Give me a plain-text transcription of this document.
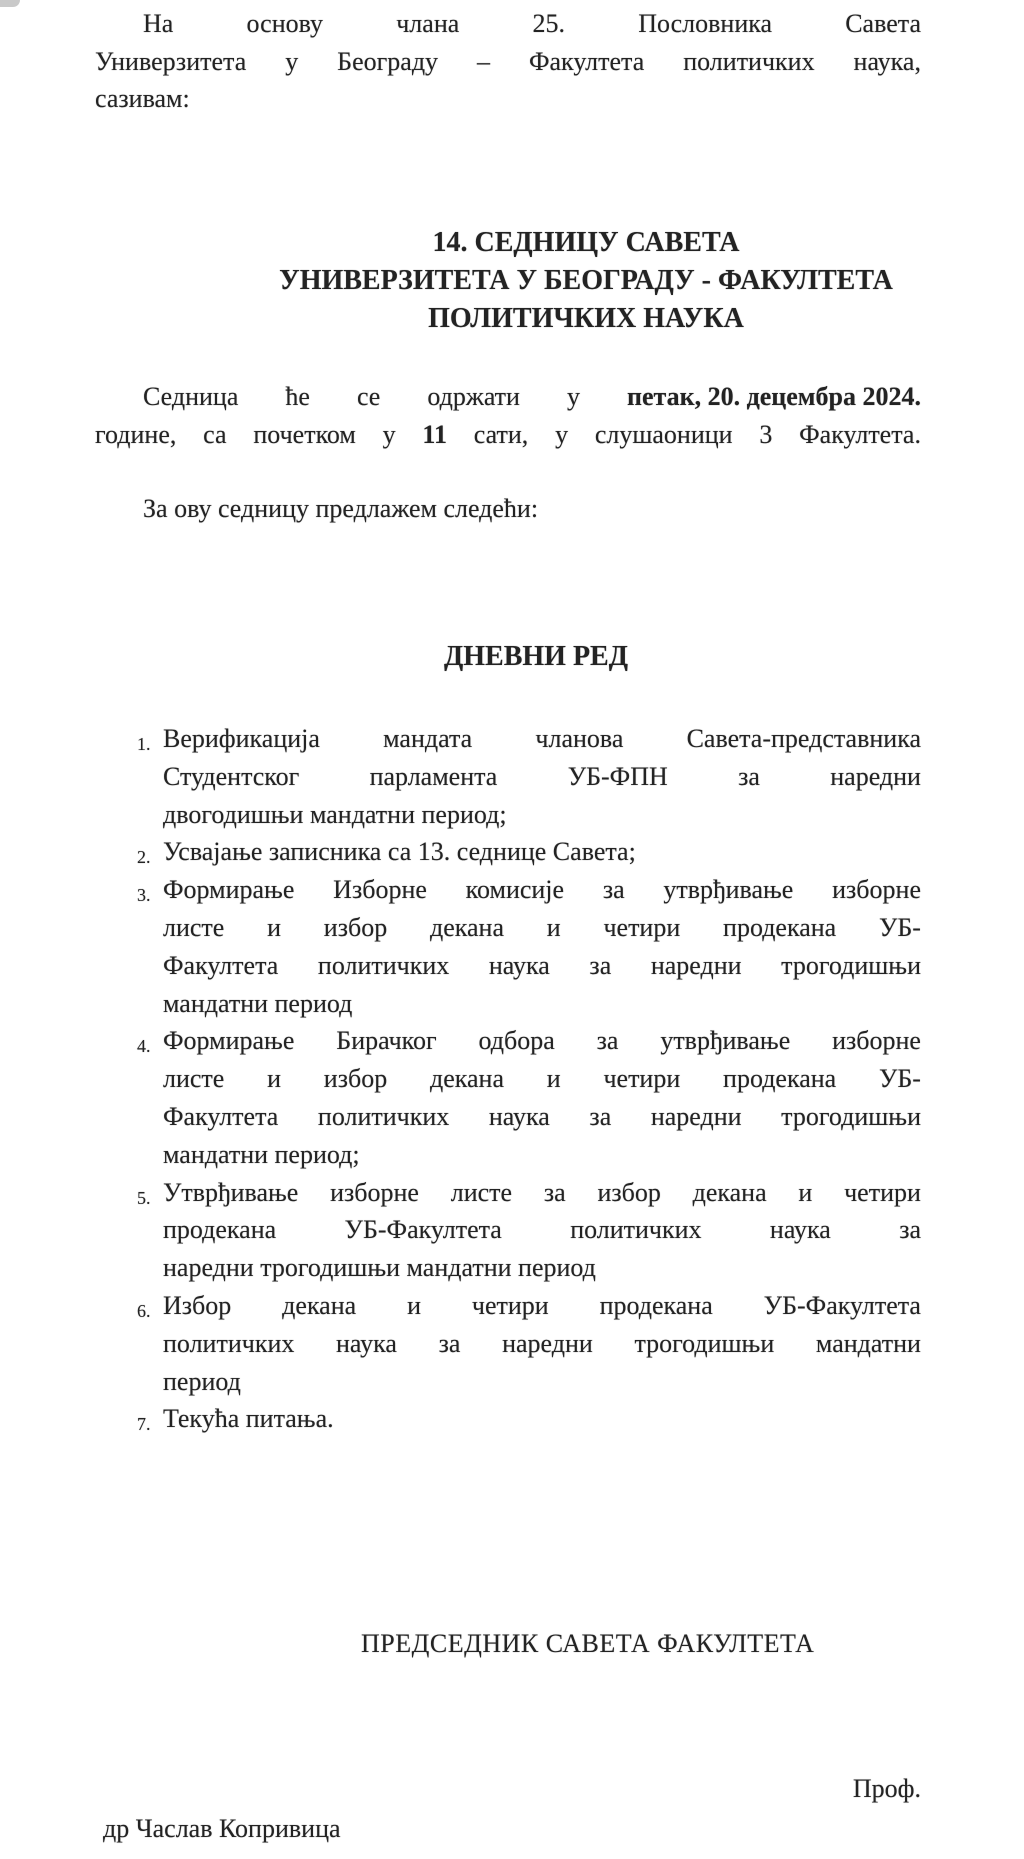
На	основу	члана	25.	Пословника	Савета
Универзитета у Београду – Факултета политичких наука,
сазивам:
14. СЕДНИЦУ САВЕТА
УНИВЕРЗИТЕТА У БЕОГРАДУ - ФАКУЛТЕТА
ПОЛИТИЧКИХ НАУКА
Седница ће се одржати у петак, 20. децембра 2024.
године, са почетком у 11 сати, у слушаоници 3 Факултета.
За ову седницу предлажем следећи:
ДНЕВНИ РЕД
1. Верификација мандата чланова Савета-представника
Студентског	парламента	УБ-ФПН	за	наредни
двогодишњи мандатни период;
2. Усвајање записника са 13. седнице Савета;
3. Формирање Изборне комисије за утврђивање изборне
листе и избор декана и четири продекана УБ-
Факултета политичких наука за наредни трогодишњи
мандатни период
4. Формирање Бирачког одбора за утврђивање изборне
листе и избор декана и четири продекана УБ-
Факултета политичких наука за наредни трогодишњи
мандатни период;
5. Утврђивање изборне листе за избор декана и четири
продекана	УБ-Факултета	политичких	наука	за
наредни трогодишњи мандатни период
6. Избор декана и четири продекана УБ-Факултета
политичких наука за наредни трогодишњи мандатни
период
7. Текућа питања.
ПРЕДСЕДНИК САВЕТА ФАКУЛТЕТА
Проф.
др Часлав Копривица
